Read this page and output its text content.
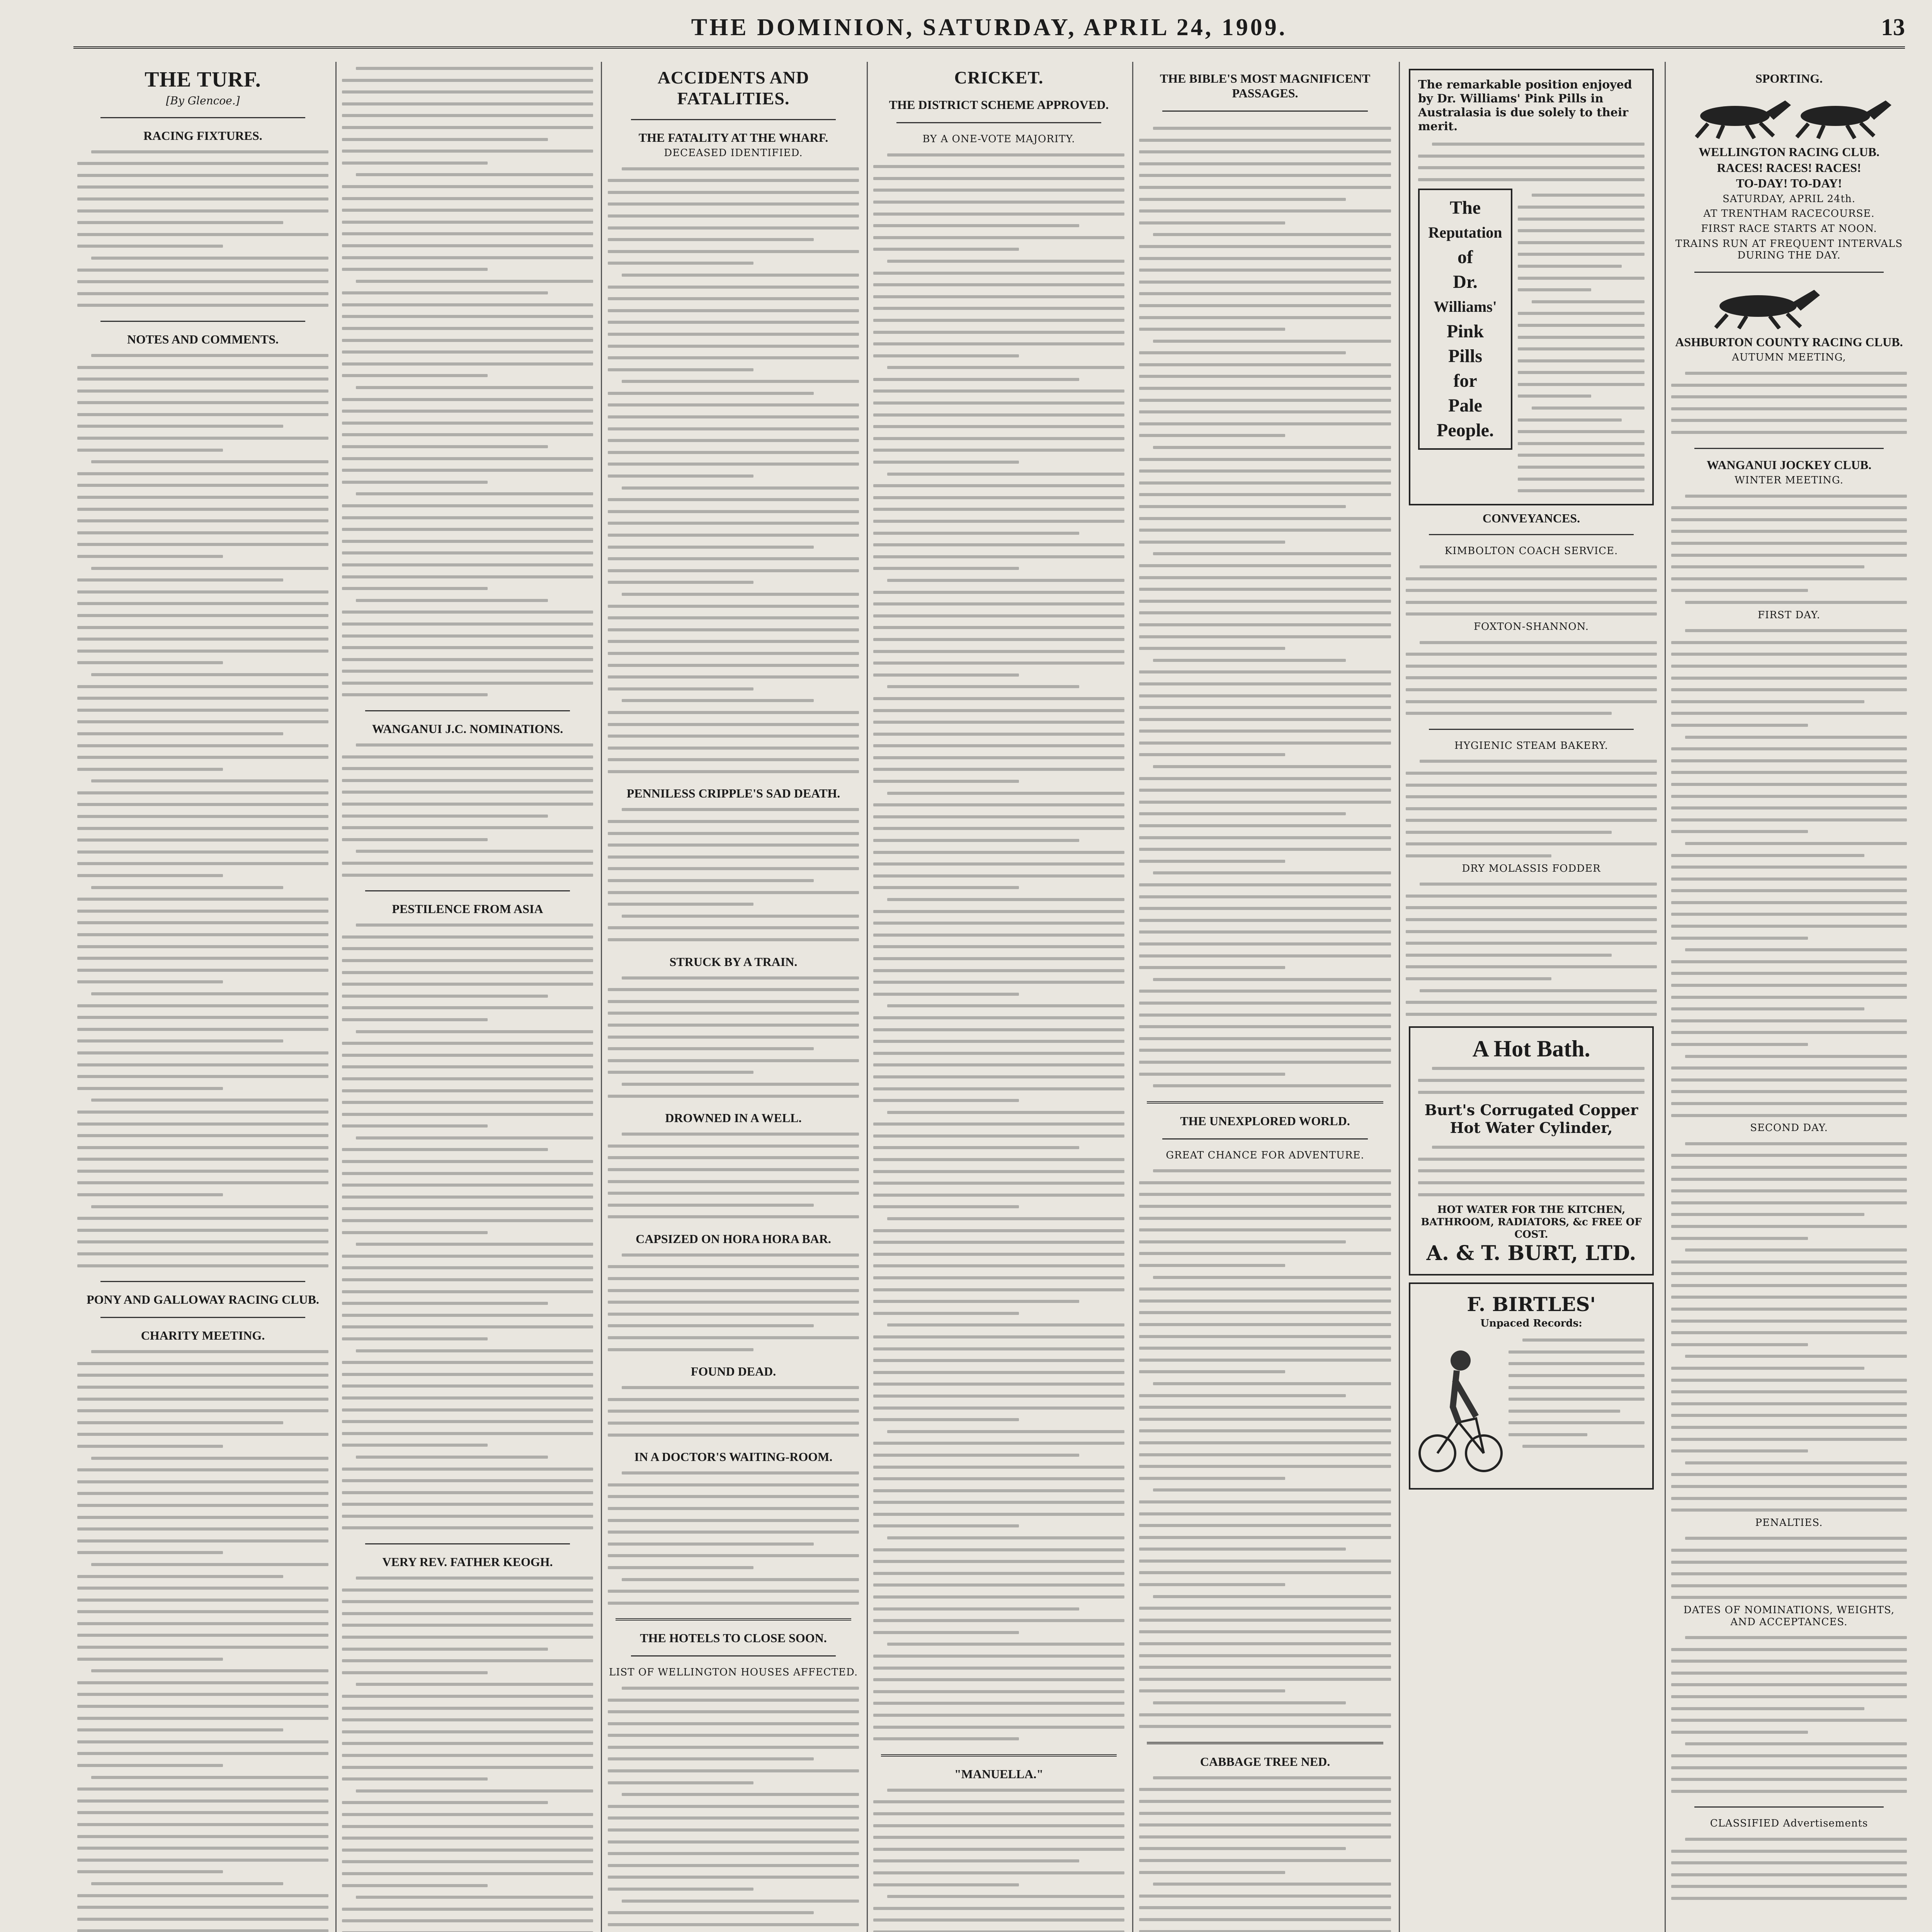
THE DOMINION, SATURDAY, APRIL 24, 1909.	13
THE TURF.
[By Glencoe.]
RACING FIXTURES.
NOTES AND COMMENTS.
PONY AND GALLOWAY RACING CLUB.
CHARITY MEETING.
WANGANUI J.C. NOMINATIONS.
PESTILENCE FROM ASIA
VERY REV. FATHER KEOGH.
ACCIDENTS AND FATALITIES.
THE FATALITY AT THE WHARF.
DECEASED IDENTIFIED.
PENNILESS CRIPPLE'S SAD DEATH.
STRUCK BY A TRAIN.
DROWNED IN A WELL.
CAPSIZED ON HORA HORA BAR.
FOUND DEAD.
IN A DOCTOR'S WAITING-ROOM.
THE HOTELS TO CLOSE SOON.
LIST OF WELLINGTON HOUSES AFFECTED.
CRICKET.
THE DISTRICT SCHEME APPROVED.
BY A ONE-VOTE MAJORITY.
"MANUELLA."
THE BIBLE'S MOST MAGNIFICENT PASSAGES.
THE UNEXPLORED WORLD.
GREAT CHANCE FOR ADVENTURE.
CABBAGE TREE NED.
The remarkable position enjoyed by Dr. Williams' Pink Pills in Australasia is due solely to their merit.
The
Reputation
of
Dr.
Williams'
Pink
Pills
for
Pale
People.
CONVEYANCES.
KIMBOLTON COACH SERVICE.
FOXTON-SHANNON.
HYGIENIC STEAM BAKERY.
DRY MOLASSIS FODDER
A Hot Bath.
Burt's Corrugated Copper Hot Water Cylinder,
HOT WATER FOR THE KITCHEN, BATHROOM, RADIATORS, &c FREE OF COST.
A. & T. BURT, LTD.
F. BIRTLES'
Unpaced Records:
SPORTING.
WELLINGTON RACING CLUB.
RACES! RACES! RACES!
TO-DAY! TO-DAY!
SATURDAY, APRIL 24th.
AT TRENTHAM RACECOURSE.
FIRST RACE STARTS AT NOON.
TRAINS RUN AT FREQUENT INTERVALS DURING THE DAY.
ASHBURTON COUNTY RACING CLUB.
AUTUMN MEETING,
WANGANUI JOCKEY CLUB.
WINTER MEETING.
FIRST DAY.
SECOND DAY.
PENALTIES.
DATES OF NOMINATIONS, WEIGHTS, AND ACCEPTANCES.
CLASSIFIED Advertisements
